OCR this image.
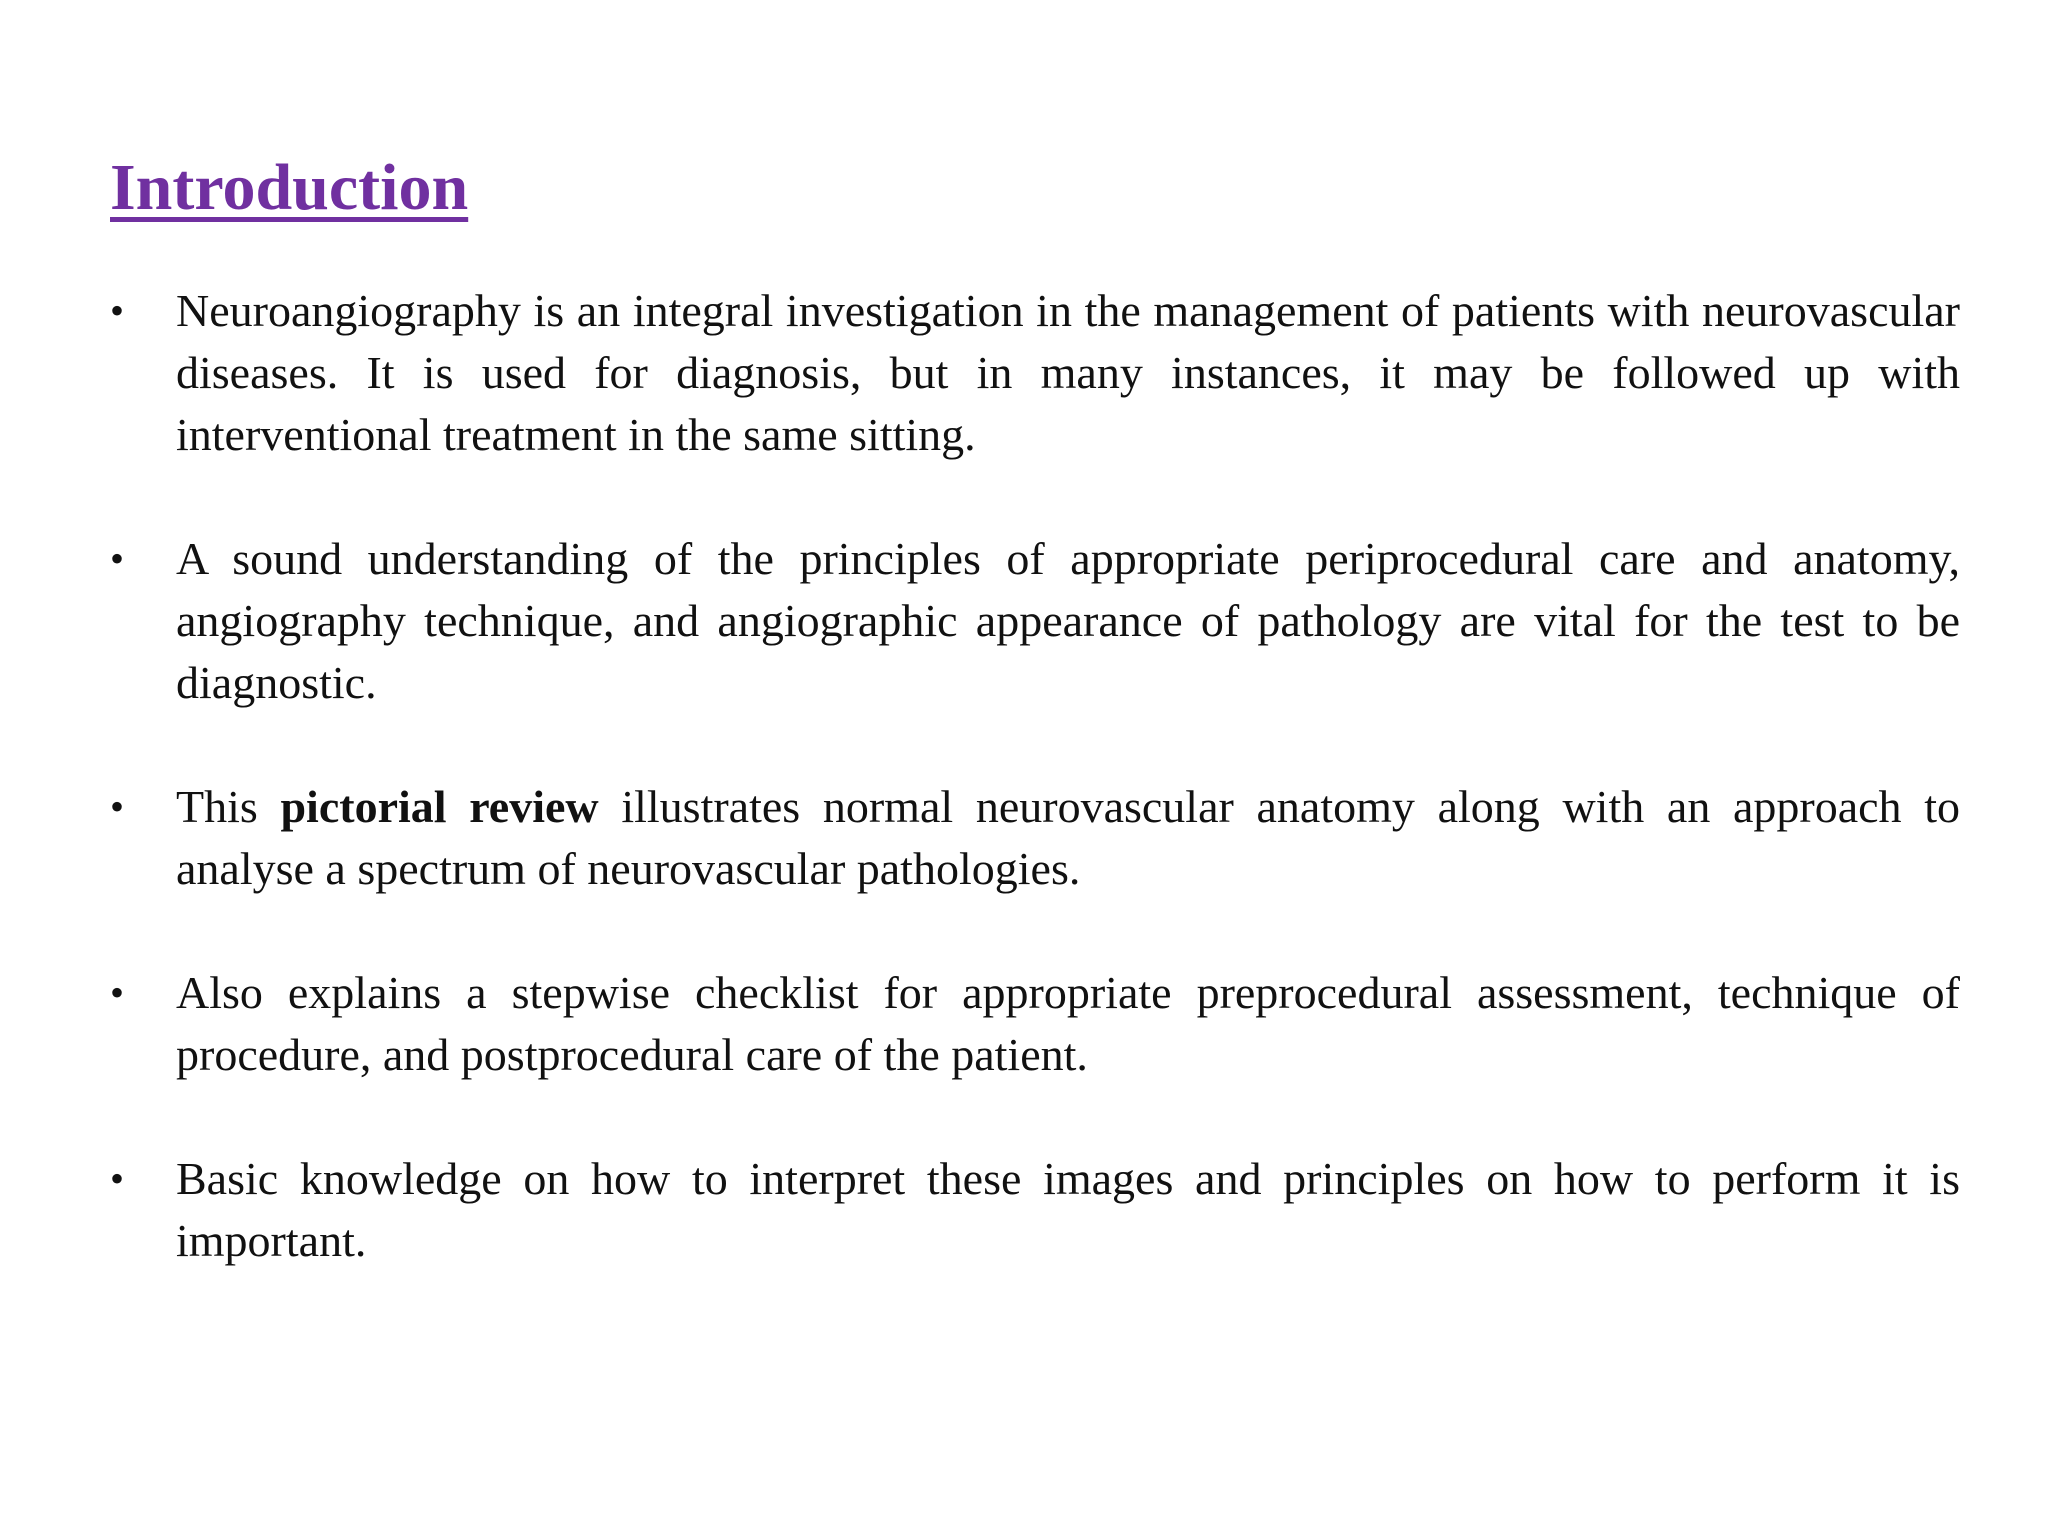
Introduction
• Neuroangiography is an integral investigation in the management of patients with neurovascular diseases. It is used for diagnosis, but in many instances, it may be followed up with interventional treatment in the same sitting.
• A sound understanding of the principles of appropriate periprocedural care and anatomy, angiography technique, and angiographic appearance of pathology are vital for the test to be diagnostic.
• This pictorial review illustrates normal neurovascular anatomy along with an approach to analyse a spectrum of neurovascular pathologies.
• Also explains a stepwise checklist for appropriate preprocedural assessment, technique of procedure, and postprocedural care of the patient.
• Basic knowledge on how to interpret these images and principles on how to perform it is important.
